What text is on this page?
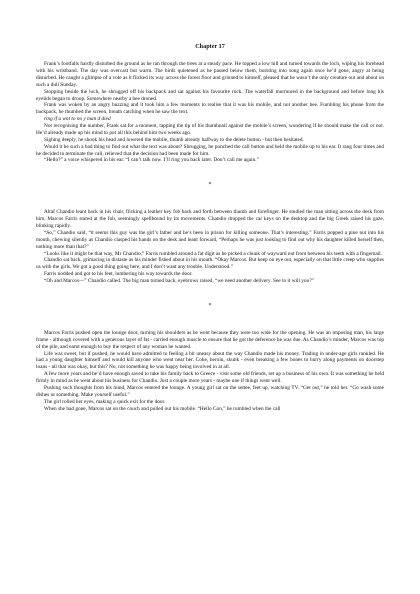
Chapter 17

Frank’s footfalls hardly disturbed the ground as he ran through the trees at a steady pace. He topped a low hill and turned towards the loch, wiping his forehead with his wristband. The day was overcast but warm. The birds quietened as he passed below them, bursting into song again once he’d gone, angry at being disturbed. He caught a glimpse of a vole as it flicked its way across the forest floor and grinned to himself, pleased that he wasn’t the only creature out and about on such a dull Sunday.

Stopping beside the loch, he shrugged off his backpack and sat against his favourite rock. The waterfall murmured in the background and before long his eyelids began to droop. Somewhere nearby a bee droned.

Frank was woken by an angry buzzing and it took him a few moments to realise that it was his mobile, and not another bee. Fumbling his phone from the backpack, he thumbed the screen, breath catching when he saw the text.

ring if u wnt to no y man d died

Not recognising the number, Frank sat for a moment, tapping the tip of his thumbnail against the mobile’s screen, wondering if he should make the call or not. He’d already made up his mind to put all this behind him two weeks ago.

Sighing deeply, he shook his head and lowered the mobile, thumb already halfway to the delete button - but then hesitated.

Would it be such a bad thing to find out what the text was about? Shrugging, he punched the call button and held the mobile up to his ear. It rang four times and he decided to terminate the call, relieved that the decision had been made for him.

“Hello?” a voice whispered in his ear. “I can’t talk now. I’ll ring you back later. Don’t call me again.”

*

Altaf Chandio leant back in his chair, flicking a leather key fob back and forth between thumb and forefinger. He studied the man sitting across the desk from him. Marcos Farris stared at the fob, seemingly spellbound by its movements. Chandio dropped the car keys on the desktop and the big Greek raised his gaze, blinking rapidly.

“So,” Chandio said, “it seems this guy was the girl’s father and he’s been in prison for killing someone. That’s interesting.” Farris popped a pine nut into his mouth, chewing silently as Chandio clasped his hands on the desk and leant forward, “Perhaps he was just looking to find out why his daughter killed herself then, nothing more than that?”

“Looks like it might be that way, Mr Chandio,” Farris rumbled around a fat digit as he picked a chunk of wayward nut from between his teeth with a fingernail.

Chandio sat back, grimacing in distaste as his minder fished about in his mouth. “Okay Marcos. But keep on eye out, especially on that little creep who supplies us with the girls. We got a good thing going here, and I don’t want any trouble. Understood.”

Farris nodded and got to his feet, lumbering his way towards the door.

“Oh and Marcos—” Chandio called. The big man turned back, eyebrows raised, “we need another delivery. See to it will you?”

*

Marcos Farris pushed open the lounge door, turning his shoulders as he went because they were too wide for the opening. He was an imposing man, his large frame - although covered with a generous layer of fat - carried enough muscle to ensure that he got the deference he was due. As Chandio’s minder, Marcos was top of the pile, and earnt enough to buy the respect of any woman he wanted.

Life was sweet, but if pushed, he would have admitted to feeling a bit uneasy about the way Chandio made his money. Trading in under-age girls rankled. He had a young daughter himself and would kill anyone who went near her. Coke, heroin, skunk - even breaking a few bones to hurry along payments on doorstep loans - all that was okay, but this? No, not something he was happy being involved in at all.

A few more years and he’d have enough saved to take his family back to Greece - visit some old friends, set up a business of his own. It was something he held firmly in mind as he went about his business for Chandio. Just a couple more years - maybe one if things went well.

Pushing such thoughts from his mind, Marcos entered the lounge. A young girl sat on the settee, feet up, watching TV. “Get out,” he told her. “Go wash some dishes or something. Make yourself useful.”

The girl rolled her eyes, making a quick exit for the door.

When she had gone, Marcos sat on the couch and pulled out his mobile. “Hello Con,” he rumbled when the call
